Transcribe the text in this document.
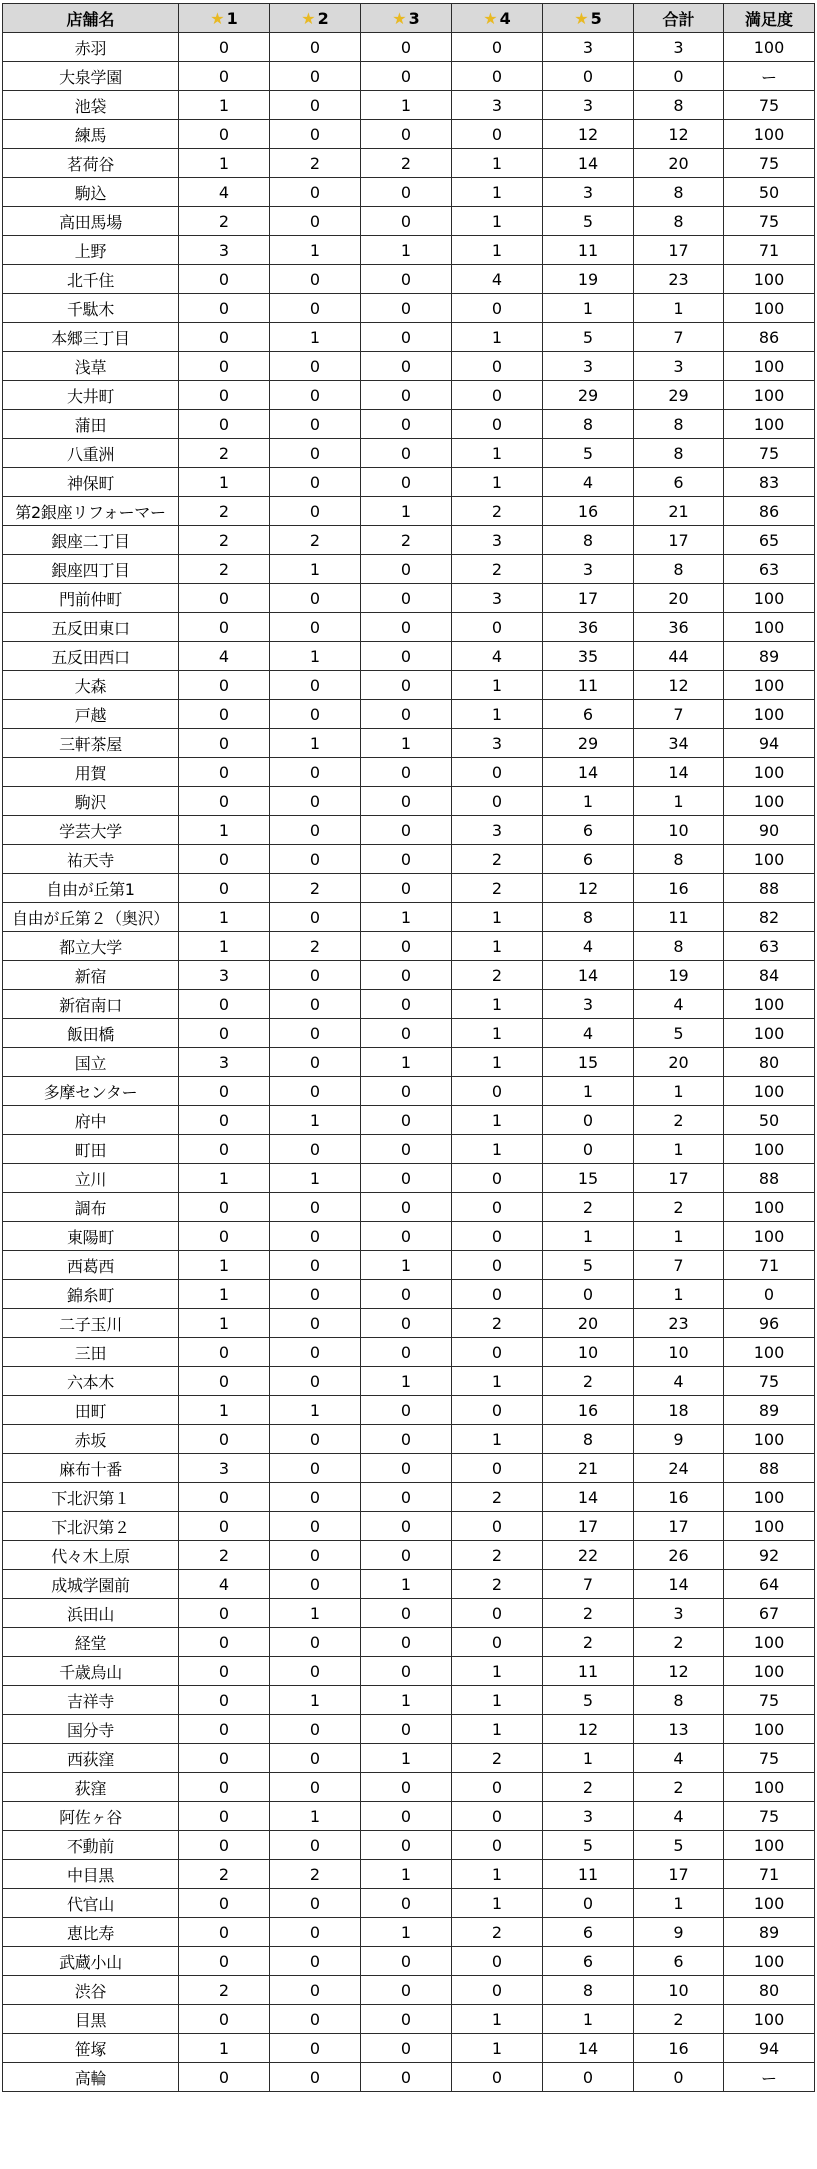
店舗名	★ 1	★ 2	★ 3	★ 4	★ 5	合計	満足度
赤羽	0	0	0	0	3	3	100
大泉学園	0	0	0	0	0	0	ー
池袋	1	0	1	3	3	8	75
練馬	0	0	0	0	12	12	100
茗荷谷	1	2	2	1	14	20	75
駒込	4	0	0	1	3	8	50
高田馬場	2	0	0	1	5	8	75
上野	3	1	1	1	11	17	71
北千住	0	0	0	4	19	23	100
千駄木	0	0	0	0	1	1	100
本郷三丁目	0	1	0	1	5	7	86
浅草	0	0	0	0	3	3	100
大井町	0	0	0	0	29	29	100
蒲田	0	0	0	0	8	8	100
八重洲	2	0	0	1	5	8	75
神保町	1	0	0	1	4	6	83
第2銀座リフォーマー	2	0	1	2	16	21	86
銀座二丁目	2	2	2	3	8	17	65
銀座四丁目	2	1	0	2	3	8	63
門前仲町	0	0	0	3	17	20	100
五反田東口	0	0	0	0	36	36	100
五反田西口	4	1	0	4	35	44	89
大森	0	0	0	1	11	12	100
戸越	0	0	0	1	6	7	100
三軒茶屋	0	1	1	3	29	34	94
用賀	0	0	0	0	14	14	100
駒沢	0	0	0	0	1	1	100
学芸大学	1	0	0	3	6	10	90
祐天寺	0	0	0	2	6	8	100
自由が丘第1	0	2	0	2	12	16	88
自由が丘第２（奥沢）	1	0	1	1	8	11	82
都立大学	1	2	0	1	4	8	63
新宿	3	0	0	2	14	19	84
新宿南口	0	0	0	1	3	4	100
飯田橋	0	0	0	1	4	5	100
国立	3	0	1	1	15	20	80
多摩センター	0	0	0	0	1	1	100
府中	0	1	0	1	0	2	50
町田	0	0	0	1	0	1	100
立川	1	1	0	0	15	17	88
調布	0	0	0	0	2	2	100
東陽町	0	0	0	0	1	1	100
西葛西	1	0	1	0	5	7	71
錦糸町	1	0	0	0	0	1	0
二子玉川	1	0	0	2	20	23	96
三田	0	0	0	0	10	10	100
六本木	0	0	1	1	2	4	75
田町	1	1	0	0	16	18	89
赤坂	0	0	0	1	8	9	100
麻布十番	3	0	0	0	21	24	88
下北沢第１	0	0	0	2	14	16	100
下北沢第２	0	0	0	0	17	17	100
代々木上原	2	0	0	2	22	26	92
成城学園前	4	0	1	2	7	14	64
浜田山	0	1	0	0	2	3	67
経堂	0	0	0	0	2	2	100
千歳烏山	0	0	0	1	11	12	100
吉祥寺	0	1	1	1	5	8	75
国分寺	0	0	0	1	12	13	100
西荻窪	0	0	1	2	1	4	75
荻窪	0	0	0	0	2	2	100
阿佐ヶ谷	0	1	0	0	3	4	75
不動前	0	0	0	0	5	5	100
中目黒	2	2	1	1	11	17	71
代官山	0	0	0	1	0	1	100
恵比寿	0	0	1	2	6	9	89
武蔵小山	0	0	0	0	6	6	100
渋谷	2	0	0	0	8	10	80
目黒	0	0	0	1	1	2	100
笹塚	1	0	0	1	14	16	94
高輪	0	0	0	0	0	0	ー
